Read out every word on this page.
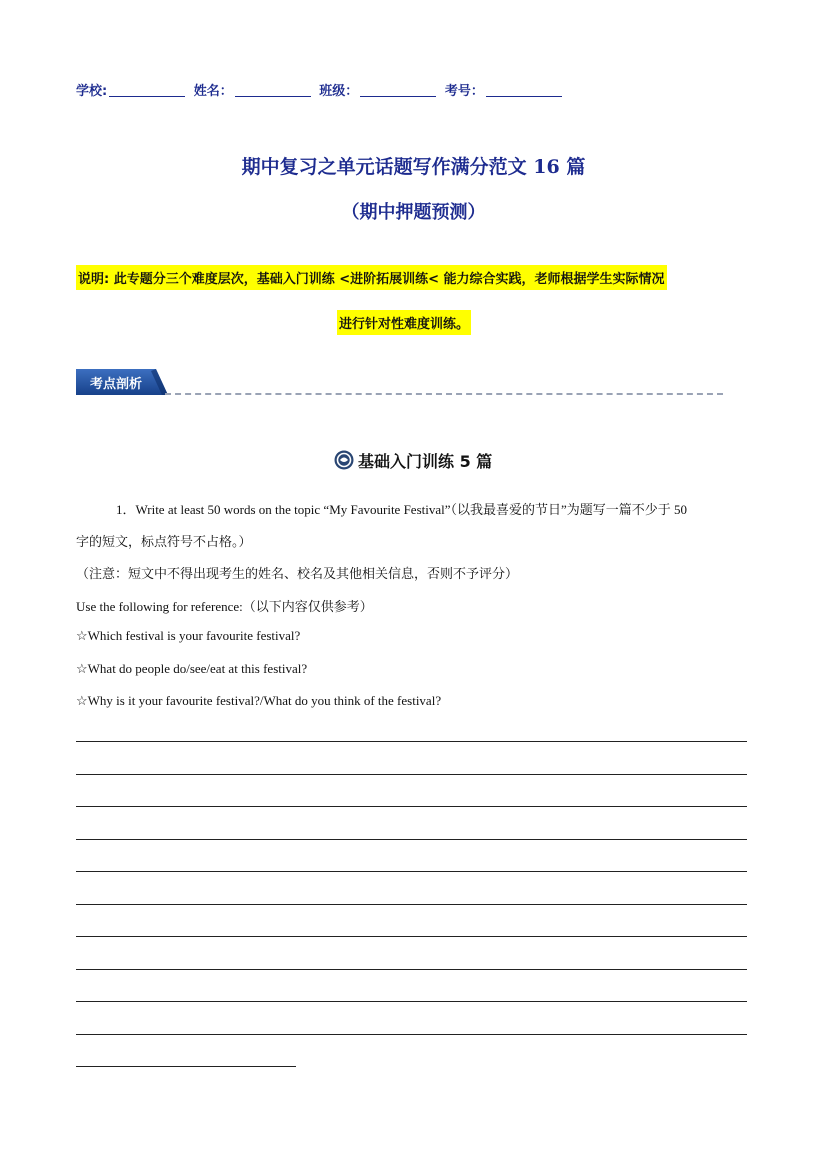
学校:	姓名：	班级：	考号：
期中复习之单元话题写作满分范文 16 篇
（期中押题预测）
说明: 此专题分三个难度层次，基础入门训练 <进阶拓展训练< 能力综合实践，老师根据学生实际情况
进行针对性难度训练。
考点剖析
基础入门训练 5 篇
1．Write at least 50 words on the topic “My Favourite Festival”（以我最喜爱的节日”为题写一篇不少于 50
字的短文，标点符号不占格。）
（注意：短文中不得出现考生的姓名、校名及其他相关信息，否则不予评分）
Use the following for reference:（以下内容仅供参考）
☆Which festival is your favourite festival?
☆What do people do/see/eat at this festival?
☆Why is it your favourite festival?/What do you think of the festival?
